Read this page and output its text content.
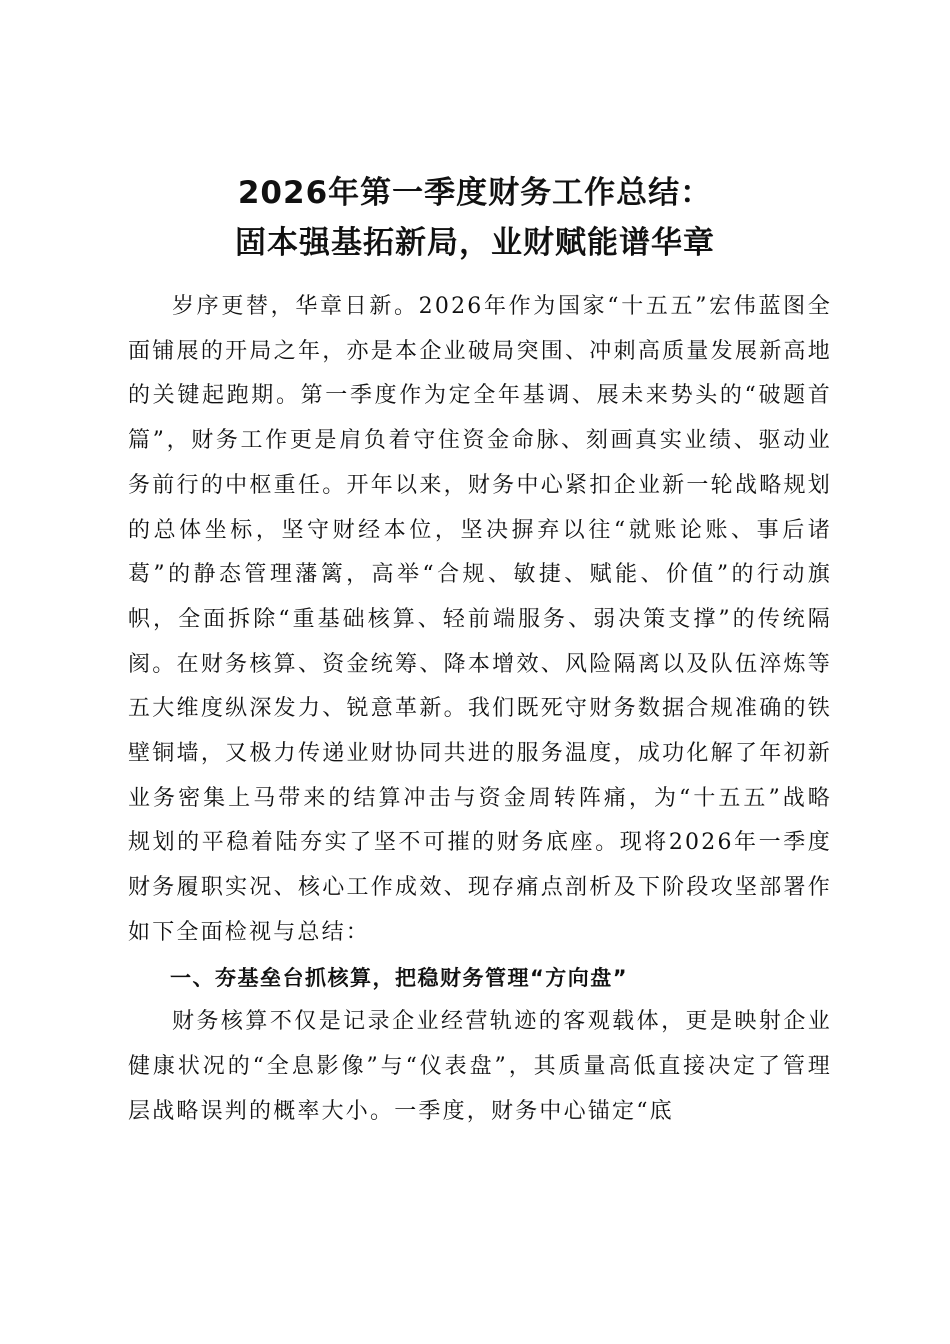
2026年第一季度财务工作总结：
固本强基拓新局，业财赋能谱华章

岁序更替，华章日新。2026年作为国家“十五五”宏伟蓝图全面铺展的开局之年，亦是本企业破局突围、冲刺高质量发展新高地的关键起跑期。第一季度作为定全年基调、展未来势头的“破题首篇”，财务工作更是肩负着守住资金命脉、刻画真实业绩、驱动业务前行的中枢重任。开年以来，财务中心紧扣企业新一轮战略规划的总体坐标，坚守财经本位，坚决摒弃以往“就账论账、事后诸葛”的静态管理藩篱，高举“合规、敏捷、赋能、价值”的行动旗帜，全面拆除“重基础核算、轻前端服务、弱决策支撑”的传统隔阂。在财务核算、资金统筹、降本增效、风险隔离以及队伍淬炼等五大维度纵深发力、锐意革新。我们既死守财务数据合规准确的铁壁铜墙，又极力传递业财协同共进的服务温度，成功化解了年初新业务密集上马带来的结算冲击与资金周转阵痛，为“十五五”战略规划的平稳着陆夯实了坚不可摧的财务底座。现将2026年一季度财务履职实况、核心工作成效、现存痛点剖析及下阶段攻坚部署作如下全面检视与总结：

一、夯基垒台抓核算，把稳财务管理“方向盘”

财务核算不仅是记录企业经营轨迹的客观载体，更是映射企业健康状况的“全息影像”与“仪表盘”，其质量高低直接决定了管理层战略误判的概率大小。一季度，财务中心锚定“底
